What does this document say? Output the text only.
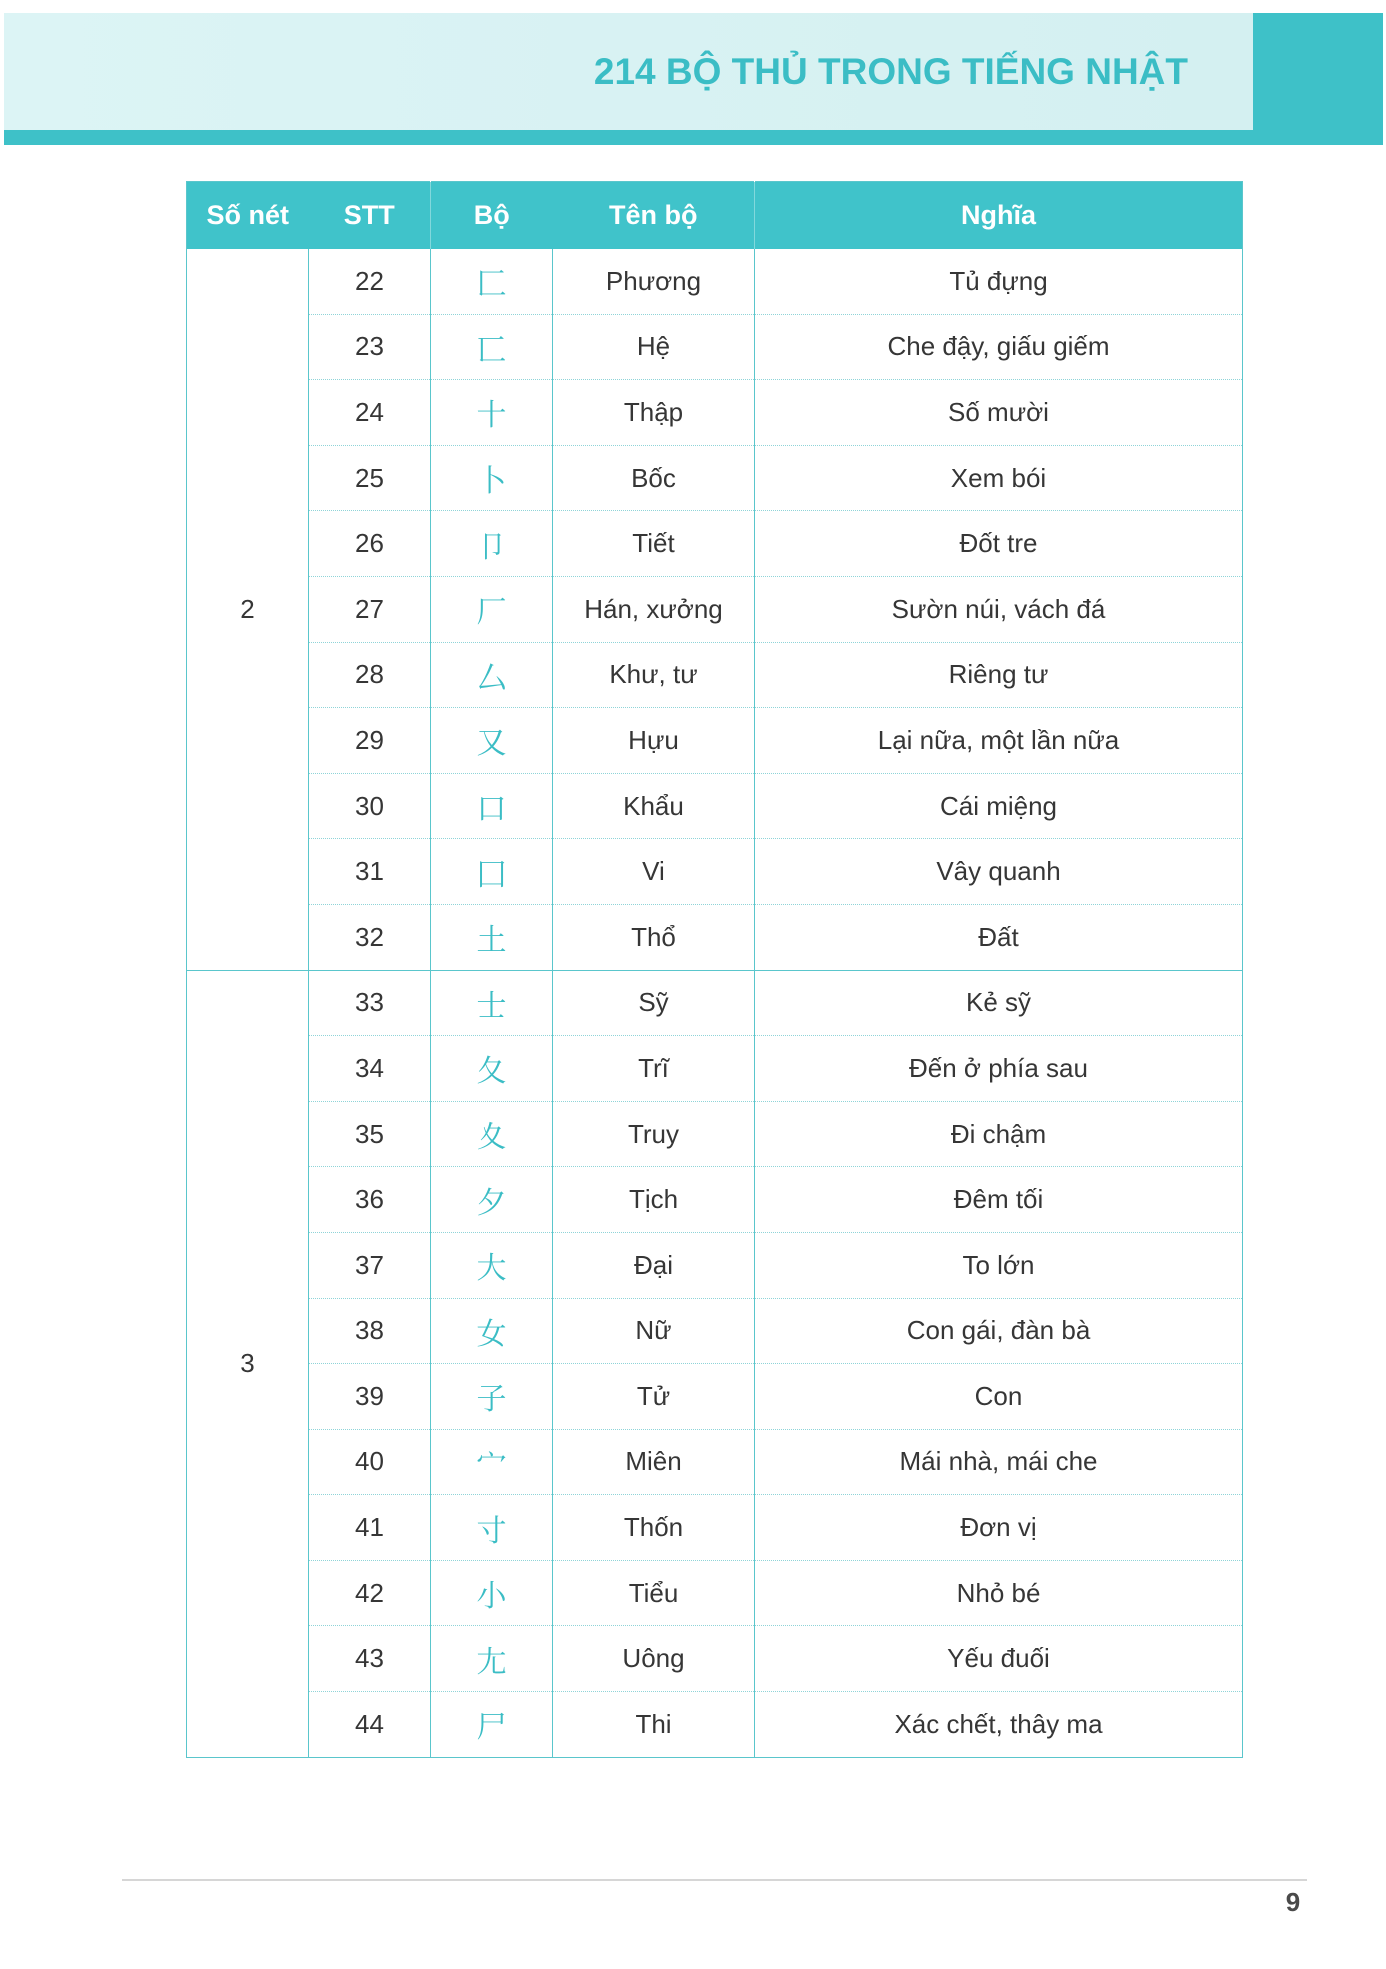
214 BỘ THỦ TRONG TIẾNG NHẬT
Số nét	STT	Bộ	Tên bộ	Nghĩa
2	22	匚	Phương	Tủ đựng
	23	匸	Hệ	Che đậy, giấu giếm
	24	十	Thập	Số mười
	25	卜	Bốc	Xem bói
	26	卩	Tiết	Đốt tre
	27	厂	Hán, xưởng	Sườn núi, vách đá
	28	厶	Khư, tư	Riêng tư
	29	又	Hựu	Lại nữa, một lần nữa
	30	口	Khẩu	Cái miệng
	31	囗	Vi	Vây quanh
	32	土	Thổ	Đất
3	33	士	Sỹ	Kẻ sỹ
	34	夂	Trĩ	Đến ở phía sau
	35	夊	Truy	Đi chậm
	36	夕	Tịch	Đêm tối
	37	大	Đại	To lớn
	38	女	Nữ	Con gái, đàn bà
	39	子	Tử	Con
	40	宀	Miên	Mái nhà, mái che
	41	寸	Thốn	Đơn vị
	42	小	Tiểu	Nhỏ bé
	43	尢	Uông	Yếu đuối
	44	尸	Thi	Xác chết, thây ma
9
